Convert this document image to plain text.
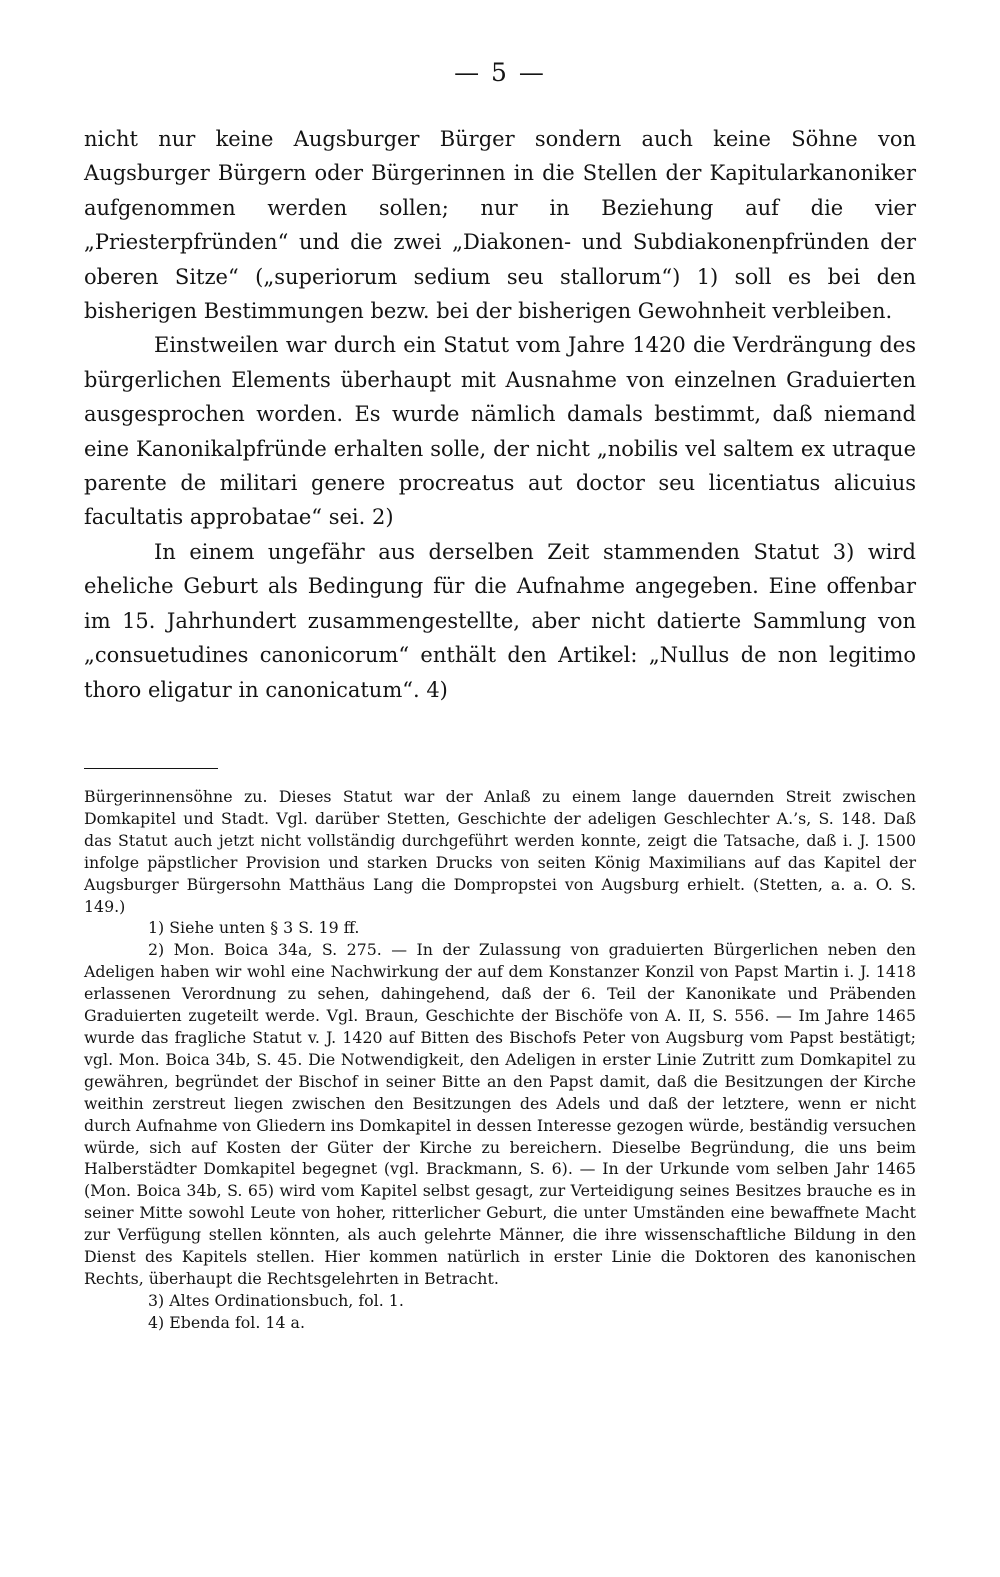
— 5 —

nicht nur keine Augsburger Bürger sondern auch keine Söhne von Augsburger Bürgern oder Bürgerinnen in die Stellen der Kapitularkanoniker aufgenommen werden sollen; nur in Beziehung auf die vier „Priesterpfründen“ und die zwei „Diakonen- und Subdiakonenpfründen der oberen Sitze“ („superiorum sedium seu stallorum“) 1) soll es bei den bisherigen Bestimmungen bezw. bei der bisherigen Gewohnheit verbleiben.

Einstweilen war durch ein Statut vom Jahre 1420 die Verdrängung des bürgerlichen Elements überhaupt mit Ausnahme von einzelnen Graduierten ausgesprochen worden. Es wurde nämlich damals bestimmt, daß niemand eine Kanonikalpfründe erhalten solle, der nicht „nobilis vel saltem ex utraque parente de militari genere procreatus aut doctor seu licentiatus alicuius facultatis approbatae“ sei. 2)

In einem ungefähr aus derselben Zeit stammenden Statut 3) wird eheliche Geburt als Bedingung für die Aufnahme angegeben. Eine offenbar im 15. Jahrhundert zusammengestellte, aber nicht datierte Sammlung von „consuetudines canonicorum“ enthält den Artikel: „Nullus de non legitimo thoro eligatur in canonicatum“. 4)

Bürgerinnensöhne zu. Dieses Statut war der Anlaß zu einem lange dauernden Streit zwischen Domkapitel und Stadt. Vgl. darüber Stetten, Geschichte der adeligen Geschlechter A.’s, S. 148. Daß das Statut auch jetzt nicht vollständig durchgeführt werden konnte, zeigt die Tatsache, daß i. J. 1500 infolge päpstlicher Provision und starken Drucks von seiten König Maximilians auf das Kapitel der Augsburger Bürgersohn Matthäus Lang die Dompropstei von Augsburg erhielt. (Stetten, a. a. O. S. 149.)

1) Siehe unten § 3 S. 19 ff.

2) Mon. Boica 34a, S. 275. — In der Zulassung von graduierten Bürgerlichen neben den Adeligen haben wir wohl eine Nachwirkung der auf dem Konstanzer Konzil von Papst Martin i. J. 1418 erlassenen Verordnung zu sehen, dahingehend, daß der 6. Teil der Kanonikate und Präbenden Graduierten zugeteilt werde. Vgl. Braun, Geschichte der Bischöfe von A. II, S. 556. — Im Jahre 1465 wurde das fragliche Statut v. J. 1420 auf Bitten des Bischofs Peter von Augsburg vom Papst bestätigt; vgl. Mon. Boica 34b, S. 45. Die Notwendigkeit, den Adeligen in erster Linie Zutritt zum Domkapitel zu gewähren, begründet der Bischof in seiner Bitte an den Papst damit, daß die Besitzungen der Kirche weithin zerstreut liegen zwischen den Besitzungen des Adels und daß der letztere, wenn er nicht durch Aufnahme von Gliedern ins Domkapitel in dessen Interesse gezogen würde, beständig versuchen würde, sich auf Kosten der Güter der Kirche zu bereichern. Dieselbe Begründung, die uns beim Halberstädter Domkapitel begegnet (vgl. Brackmann, S. 6). — In der Urkunde vom selben Jahr 1465 (Mon. Boica 34b, S. 65) wird vom Kapitel selbst gesagt, zur Verteidigung seines Besitzes brauche es in seiner Mitte sowohl Leute von hoher, ritterlicher Geburt, die unter Umständen eine bewaffnete Macht zur Verfügung stellen könnten, als auch gelehrte Männer, die ihre wissenschaftliche Bildung in den Dienst des Kapitels stellen. Hier kommen natürlich in erster Linie die Doktoren des kanonischen Rechts, überhaupt die Rechtsgelehrten in Betracht.

3) Altes Ordinationsbuch, fol. 1.

4) Ebenda fol. 14 a.
